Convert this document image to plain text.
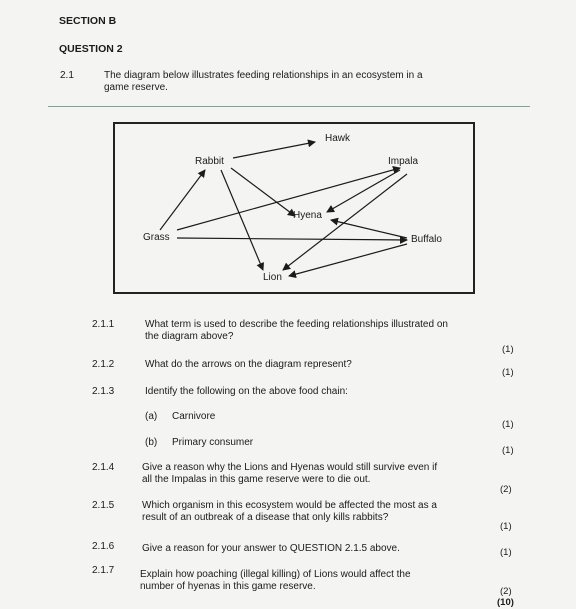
SECTION B
QUESTION 2
2.1	The diagram below illustrates feeding relationships in an ecosystem in a
game reserve.
Hawk
Rabbit	Impala
Hyena
Grass	Buffalo
Lion
2.1.1	What term is used to describe the feeding relationships illustrated on
the diagram above?
(1)
2.1.2	What do the arrows on the diagram represent?
(1)
2.1.3	Identify the following on the above food chain:
(a) Carnivore
(1)
(b) Primary consumer
(1)
2.1.4	Give a reason why the Lions and Hyenas would still survive even if
all the Impalas in this game reserve were to die out.
(2)
2.1.5	Which organism in this ecosystem would be affected the most as a
result of an outbreak of a disease that only kills rabbits?
(1)
2.1.6	Give a reason for your answer to QUESTION 2.1.5 above.	(1)
2.1.7	Explain how poaching (illegal killing) of Lions would affect the
number of hyenas in this game reserve.	(2)
(10)
